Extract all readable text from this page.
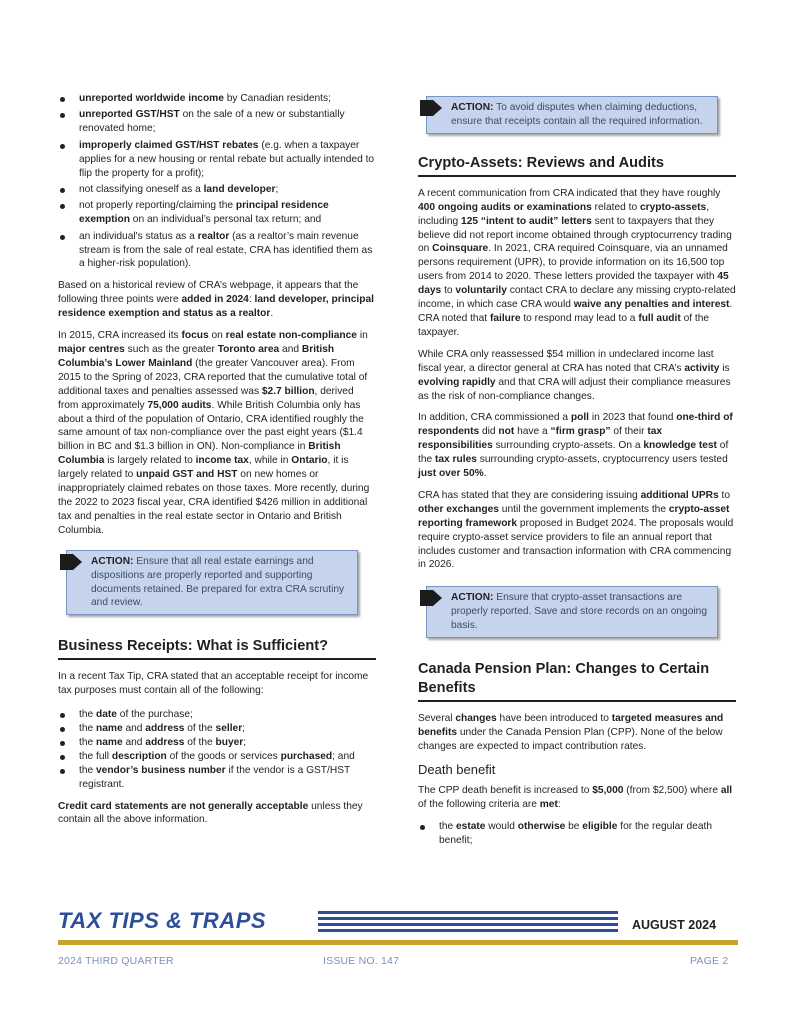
unreported worldwide income by Canadian residents;
unreported GST/HST on the sale of a new or substantially renovated home;
improperly claimed GST/HST rebates (e.g. when a taxpayer applies for a new housing or rental rebate but actually intended to flip the property for a profit);
not classifying oneself as a land developer;
not properly reporting/claiming the principal residence exemption on an individual’s personal tax return; and
an individual's status as a realtor (as a realtor’s main revenue stream is from the sale of real estate, CRA has identified them as a higher-risk population).

Based on a historical review of CRA’s webpage, it appears that the following three points were added in 2024: land developer, principal residence exemption and status as a realtor.

In 2015, CRA increased its focus on real estate non-compliance in major centres such as the greater Toronto area and British Columbia’s Lower Mainland (the greater Vancouver area). From 2015 to the Spring of 2023, CRA reported that the cumulative total of additional taxes and penalties assessed was $2.7 billion, derived from approximately 75,000 audits. While British Columbia only has about a third of the population of Ontario, CRA identified roughly the same amount of tax non-compliance over the past eight years ($1.4 billion in BC and $1.3 billion in ON). Non-compliance in British Columbia is largely related to income tax, while in Ontario, it is largely related to unpaid GST and HST on new homes or inappropriately claimed rebates on those taxes. More recently, during the 2022 to 2023 fiscal year, CRA identified $426 million in additional tax and penalties in the real estate sector in Ontario and British Columbia.

ACTION: Ensure that all real estate earnings and dispositions are properly reported and supporting documents retained. Be prepared for extra CRA scrutiny and review.
Business Receipts: What is Sufficient?

In a recent Tax Tip, CRA stated that an acceptable receipt for income tax purposes must contain all of the following:

the date of the purchase;
the name and address of the seller;
the name and address of the buyer;
the full description of the goods or services purchased; and
the vendor’s business number if the vendor is a GST/HST registrant.

Credit card statements are not generally acceptable unless they contain all the above information.

ACTION: To avoid disputes when claiming deductions, ensure that receipts contain all the required information.
Crypto-Assets: Reviews and Audits

A recent communication from CRA indicated that they have roughly 400 ongoing audits or examinations related to crypto-assets, including 125 “intent to audit” letters sent to taxpayers that they believe did not report income obtained through cryptocurrency trading on Coinsquare. In 2021, CRA required Coinsquare, via an unnamed persons requirement (UPR), to provide information on its 16,500 top users from 2014 to 2020. These letters provided the taxpayer with 45 days to voluntarily contact CRA to declare any missing crypto-related income, in which case CRA would waive any penalties and interest. CRA noted that failure to respond may lead to a full audit of the taxpayer.

While CRA only reassessed $54 million in undeclared income last fiscal year, a director general at CRA has noted that CRA’s activity is evolving rapidly and that CRA will adjust their compliance measures as the risk of non-compliance changes.

In addition, CRA commissioned a poll in 2023 that found one-third of respondents did not have a “firm grasp” of their tax responsibilities surrounding crypto-assets. On a knowledge test of the tax rules surrounding crypto-assets, cryptocurrency users tested just over 50%.

CRA has stated that they are considering issuing additional UPRs to other exchanges until the government implements the crypto-asset reporting framework proposed in Budget 2024. The proposals would require crypto-asset service providers to file an annual report that includes customer and transaction information with CRA commencing in 2026.

ACTION: Ensure that crypto-asset transactions are properly reported. Save and store records on an ongoing basis.
Canada Pension Plan: Changes to Certain Benefits

Several changes have been introduced to targeted measures and benefits under the Canada Pension Plan (CPP). None of the below changes are expected to impact contribution rates.

Death benefit

The CPP death benefit is increased to $5,000 (from $2,500) where all of the following criteria are met:

the estate would otherwise be eligible for the regular death benefit;
TAX TIPS & TRAPS	AUGUST 2024
2024 THIRD QUARTER	ISSUE NO. 147	PAGE 2
